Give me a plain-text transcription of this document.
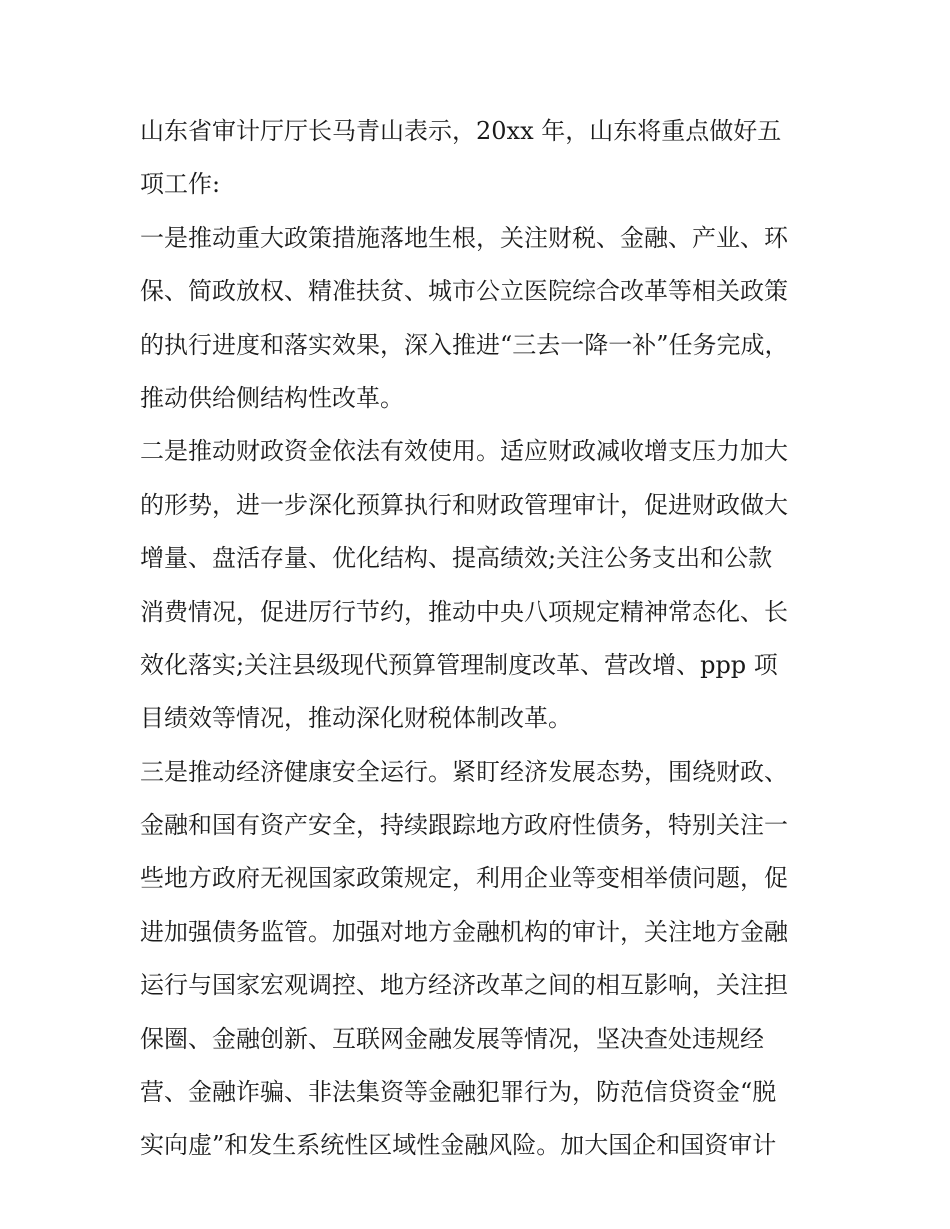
山东省审计厅厅长马青山表示，20xx 年，山东将重点做好五
项工作:
一是推动重大政策措施落地生根，关注财税、金融、产业、环
保、简政放权、精准扶贫、城市公立医院综合改革等相关政策
的执行进度和落实效果，深入推进“三去一降一补”任务完成，
推动供给侧结构性改革。
二是推动财政资金依法有效使用。适应财政减收增支压力加大
的形势，进一步深化预算执行和财政管理审计，促进财政做大
增量、盘活存量、优化结构、提高绩效;关注公务支出和公款
消费情况，促进厉行节约，推动中央八项规定精神常态化、长
效化落实;关注县级现代预算管理制度改革、营改增、ppp 项
目绩效等情况，推动深化财税体制改革。
三是推动经济健康安全运行。紧盯经济发展态势，围绕财政、
金融和国有资产安全，持续跟踪地方政府性债务，特别关注一
些地方政府无视国家政策规定，利用企业等变相举债问题，促
进加强债务监管。加强对地方金融机构的审计，关注地方金融
运行与国家宏观调控、地方经济改革之间的相互影响，关注担
保圈、金融创新、互联网金融发展等情况，坚决查处违规经
营、金融诈骗、非法集资等金融犯罪行为，防范信贷资金“脱
实向虚”和发生系统性区域性金融风险。加大国企和国资审计
